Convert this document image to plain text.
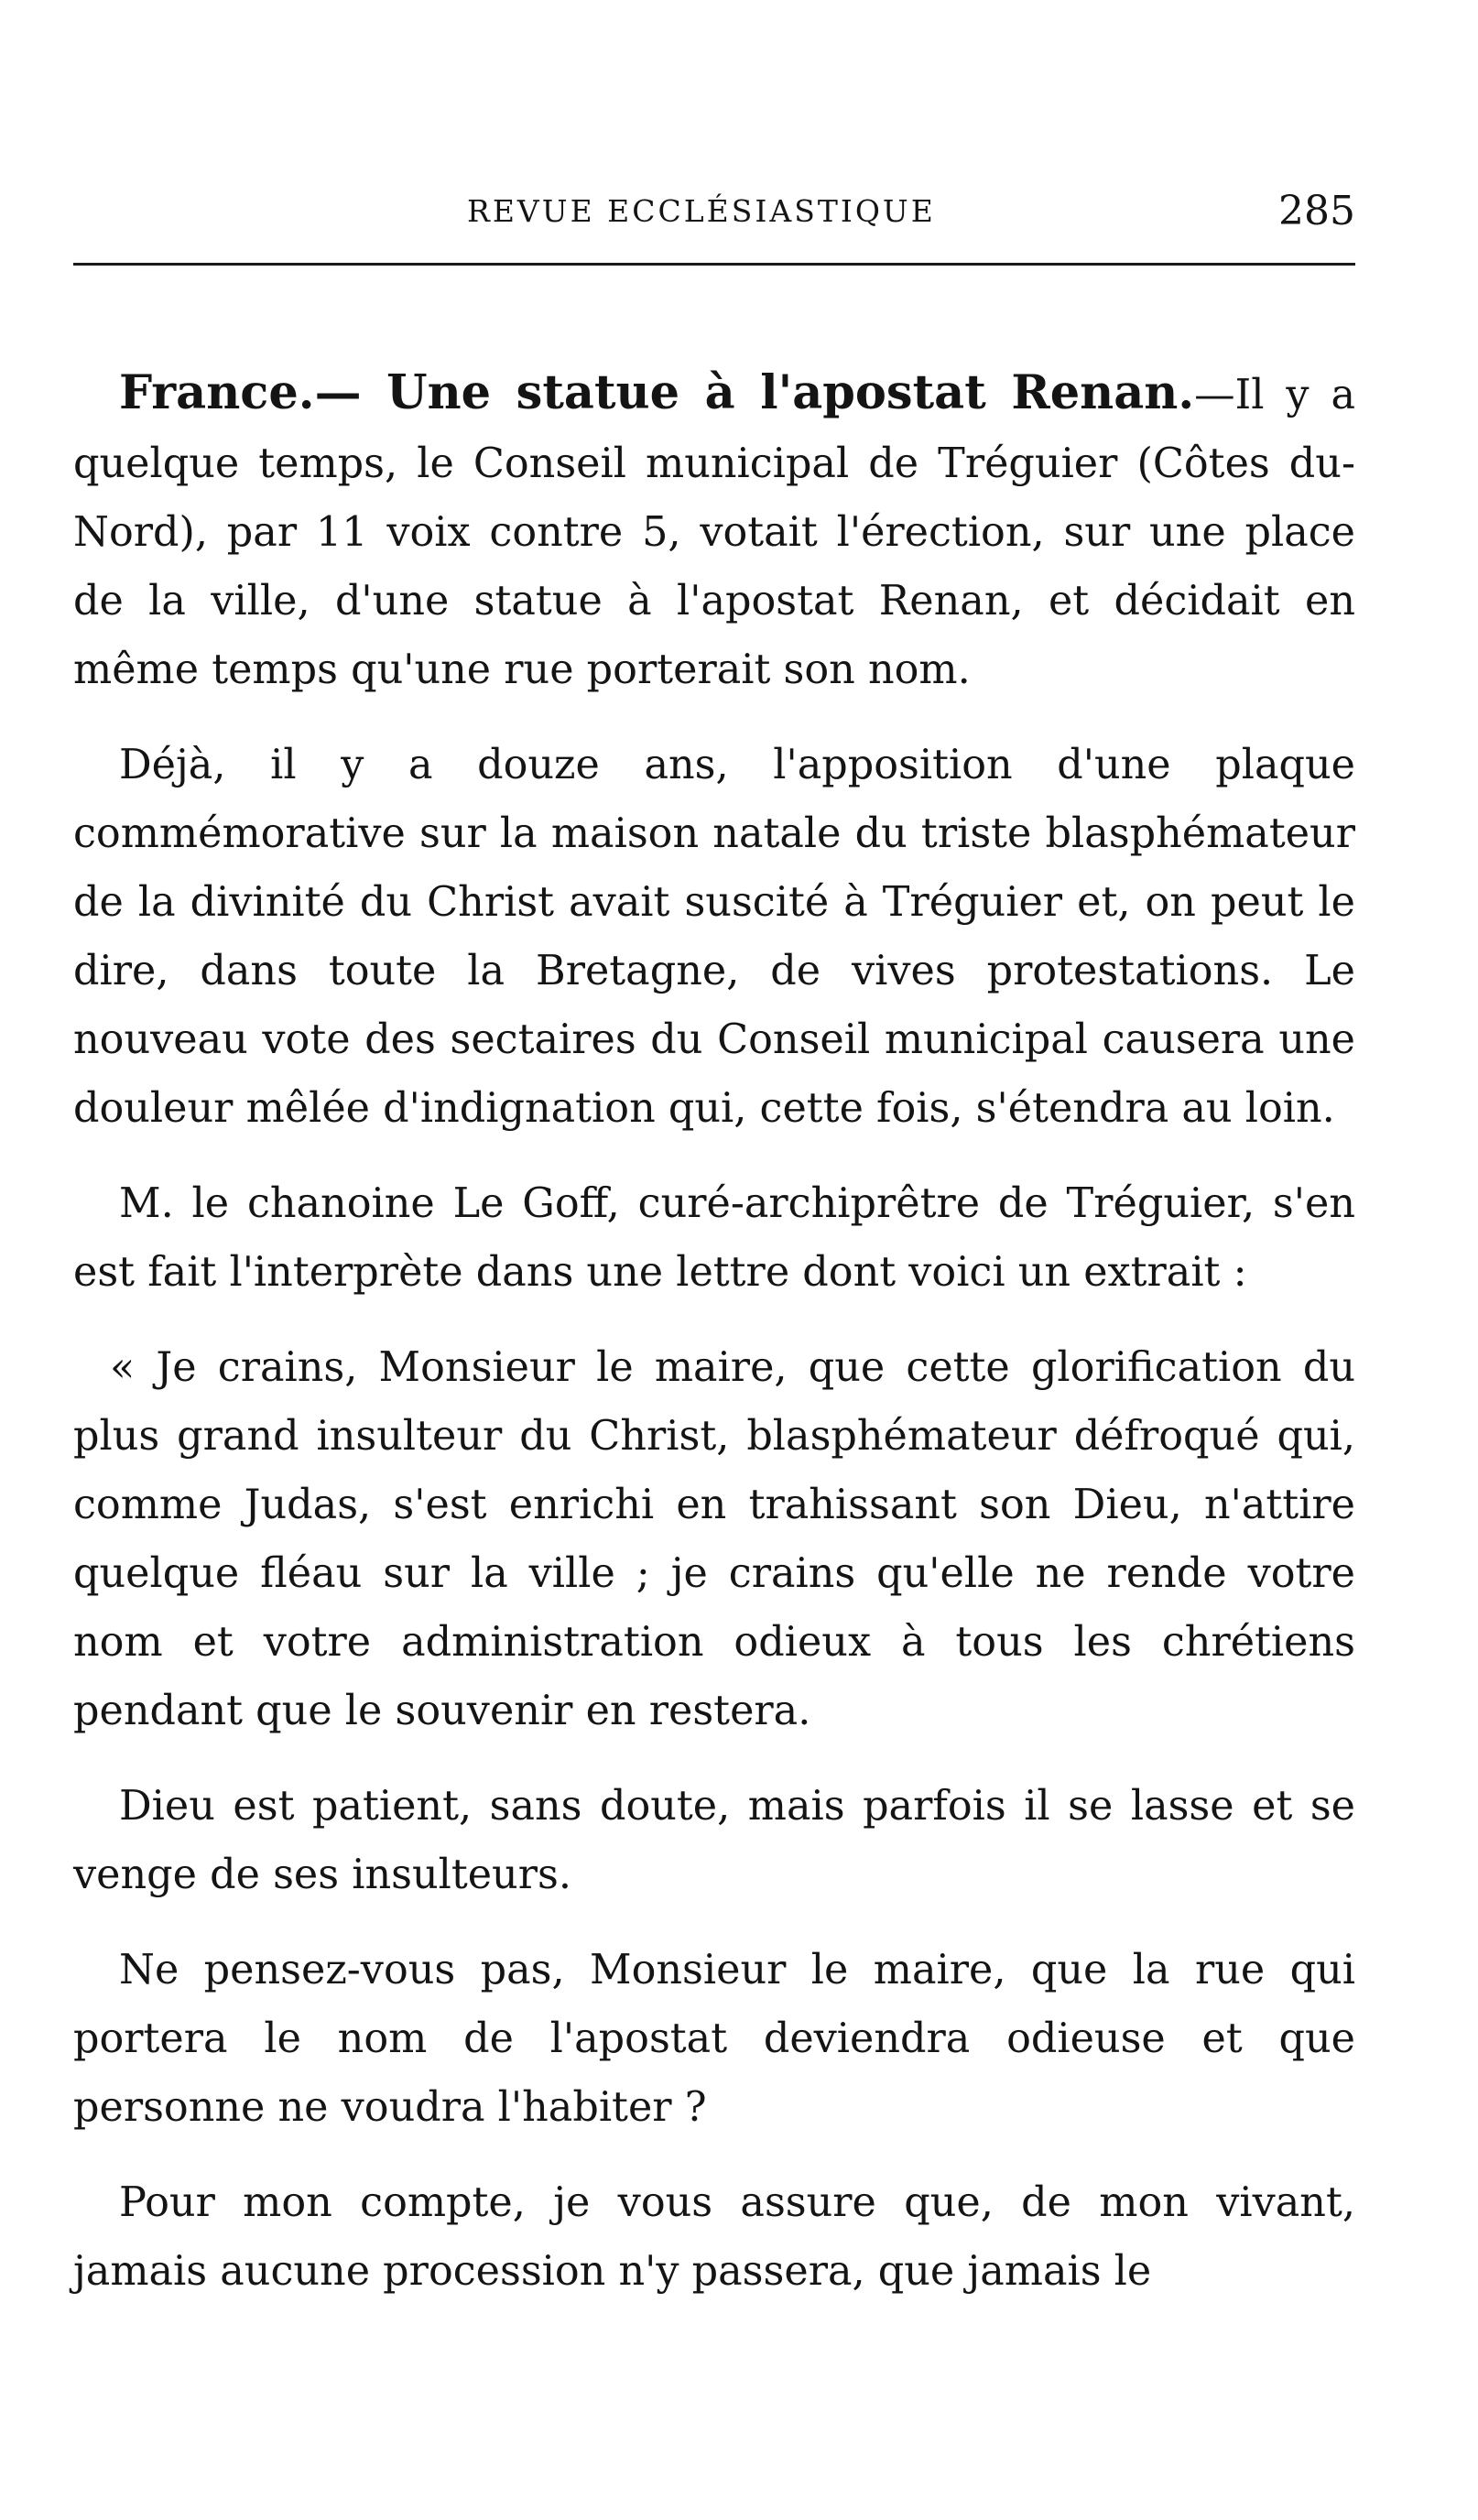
REVUE ECCLÉSIASTIQUE	285

France.— Une statue à l'apostat Renan.—Il y a quelque temps, le Conseil municipal de Tréguier (Côtes du-Nord), par 11 voix contre 5, votait l'érection, sur une place de la ville, d'une statue à l'apostat Renan, et décidait en même temps qu'une rue porterait son nom.

Déjà, il y a douze ans, l'apposition d'une plaque commémorative sur la maison natale du triste blasphémateur de la divinité du Christ avait suscité à Tréguier et, on peut le dire, dans toute la Bretagne, de vives protestations. Le nouveau vote des sectaires du Conseil municipal causera une douleur mêlée d'indignation qui, cette fois, s'étendra au loin.

M. le chanoine Le Goff, curé-archiprêtre de Tréguier, s'en est fait l'interprète dans une lettre dont voici un extrait :

« Je crains, Monsieur le maire, que cette glorification du plus grand insulteur du Christ, blasphémateur défroqué qui, comme Judas, s'est enrichi en trahissant son Dieu, n'attire quelque fléau sur la ville ; je crains qu'elle ne rende votre nom et votre administration odieux à tous les chrétiens pendant que le souvenir en restera.

Dieu est patient, sans doute, mais parfois il se lasse et se venge de ses insulteurs.

Ne pensez-vous pas, Monsieur le maire, que la rue qui portera le nom de l'apostat deviendra odieuse et que personne ne voudra l'habiter ?

Pour mon compte, je vous assure que, de mon vivant, jamais aucune procession n'y passera, que jamais le
